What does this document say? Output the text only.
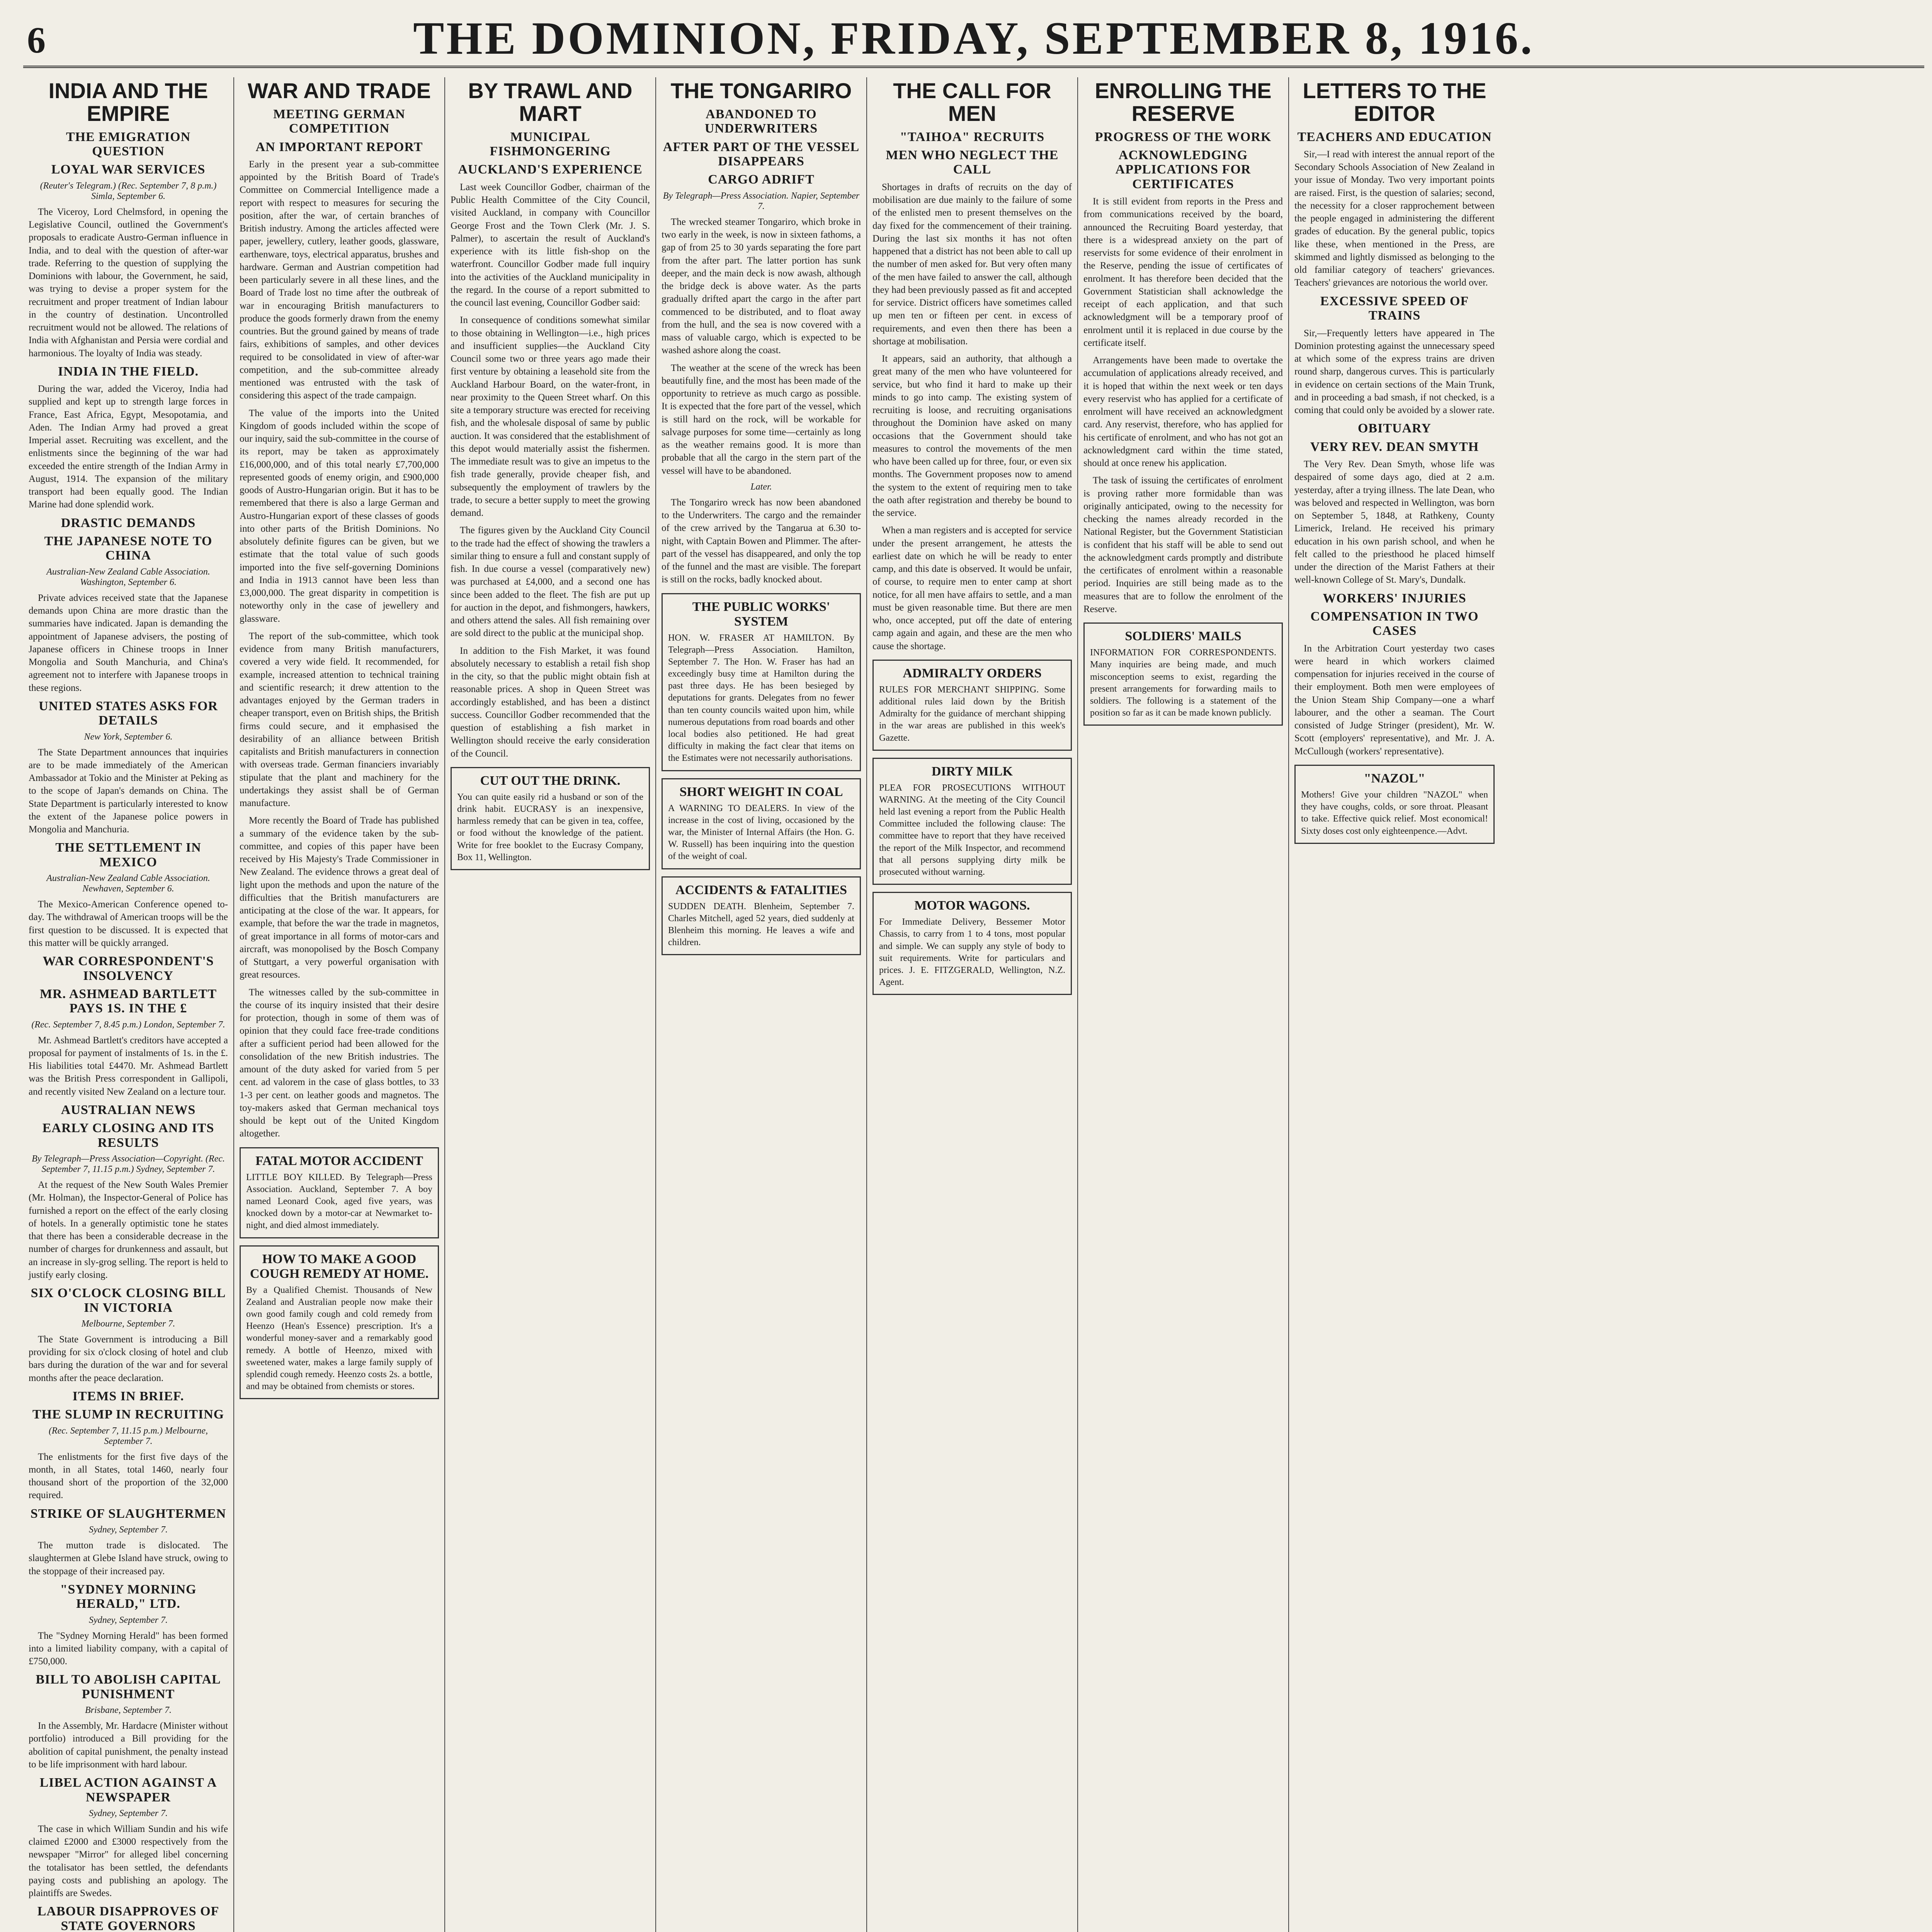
6	THE DOMINION, FRIDAY, SEPTEMBER 8, 1916.
INDIA AND THE EMPIRE
THE EMIGRATION QUESTION
LOYAL WAR SERVICES
(Reuter's Telegram.) (Rec. September 7, 8 p.m.) Simla, September 6.

The Viceroy, Lord Chelmsford, in opening the Legislative Council, outlined the Government's proposals to eradicate Austro-German influence in India, and to deal with the question of after-war trade. Referring to the question of supplying the Dominions with labour, the Government, he said, was trying to devise a proper system for the recruitment and proper treatment of Indian labour in the country of destination. Uncontrolled recruitment would not be allowed. The relations of India with Afghanistan and Persia were cordial and harmonious. The loyalty of India was steady.

INDIA IN THE FIELD.

During the war, added the Viceroy, India had supplied and kept up to strength large forces in France, East Africa, Egypt, Mesopotamia, and Aden. The Indian Army had proved a great Imperial asset. Recruiting was excellent, and the enlistments since the beginning of the war had exceeded the entire strength of the Indian Army in August, 1914. The expansion of the military transport had been equally good. The Indian Marine had done splendid work.

DRASTIC DEMANDS
THE JAPANESE NOTE TO CHINA
Australian-New Zealand Cable Association. Washington, September 6.

Private advices received state that the Japanese demands upon China are more drastic than the summaries have indicated. Japan is demanding the appointment of Japanese advisers, the posting of Japanese officers in Chinese troops in Inner Mongolia and South Manchuria, and China's agreement not to interfere with Japanese troops in these regions.

UNITED STATES ASKS FOR DETAILS
New York, September 6.

The State Department announces that inquiries are to be made immediately of the American Ambassador at Tokio and the Minister at Peking as to the scope of Japan's demands on China. The State Department is particularly interested to know the extent of the Japanese police powers in Mongolia and Manchuria.

THE SETTLEMENT IN MEXICO
Australian-New Zealand Cable Association. Newhaven, September 6.

The Mexico-American Conference opened to-day. The withdrawal of American troops will be the first question to be discussed. It is expected that this matter will be quickly arranged.

WAR CORRESPONDENT'S INSOLVENCY
MR. ASHMEAD BARTLETT PAYS 1S. IN THE £
(Rec. September 7, 8.45 p.m.) London, September 7.

Mr. Ashmead Bartlett's creditors have accepted a proposal for payment of instalments of 1s. in the £. His liabilities total £4470. Mr. Ashmead Bartlett was the British Press correspondent in Gallipoli, and recently visited New Zealand on a lecture tour.

AUSTRALIAN NEWS
EARLY CLOSING AND ITS RESULTS
By Telegraph—Press Association—Copyright. (Rec. September 7, 11.15 p.m.) Sydney, September 7.

At the request of the New South Wales Premier (Mr. Holman), the Inspector-General of Police has furnished a report on the effect of the early closing of hotels. In a generally optimistic tone he states that there has been a considerable decrease in the number of charges for drunkenness and assault, but an increase in sly-grog selling. The report is held to justify early closing.

SIX O'CLOCK CLOSING BILL IN VICTORIA
Melbourne, September 7.

The State Government is introducing a Bill providing for six o'clock closing of hotel and club bars during the duration of the war and for several months after the peace declaration.

ITEMS IN BRIEF.
THE SLUMP IN RECRUITING
(Rec. September 7, 11.15 p.m.) Melbourne, September 7.

The enlistments for the first five days of the month, in all States, total 1460, nearly four thousand short of the proportion of the 32,000 required.

STRIKE OF SLAUGHTERMEN
Sydney, September 7.

The mutton trade is dislocated. The slaughtermen at Glebe Island have struck, owing to the stoppage of their increased pay.

"SYDNEY MORNING HERALD," LTD.
Sydney, September 7.

The "Sydney Morning Herald" has been formed into a limited liability company, with a capital of £750,000.

BILL TO ABOLISH CAPITAL PUNISHMENT
Brisbane, September 7.

In the Assembly, Mr. Hardacre (Minister without portfolio) introduced a Bill providing for the abolition of capital punishment, the penalty instead to be life imprisonment with hard labour.

LIBEL ACTION AGAINST A NEWSPAPER
Sydney, September 7.

The case in which William Sundin and his wife claimed £2000 and £3000 respectively from the newspaper "Mirror" for alleged libel concerning the totalisator has been settled, the defendants paying costs and publishing an apology. The plaintiffs are Swedes.

LABOUR DISAPPROVES OF STATE GOVERNORS

WAR AND TRADE
MEETING GERMAN COMPETITION
AN IMPORTANT REPORT

Early in the present year a sub-committee appointed by the British Board of Trade's Committee on Commercial Intelligence made a report with respect to measures for securing the position, after the war, of certain branches of British industry. Among the articles affected were paper, jewellery, cutlery, leather goods, glassware, earthenware, toys, electrical apparatus, brushes and hardware. German and Austrian competition had been particularly severe in all these lines, and the Board of Trade lost no time after the outbreak of war in encouraging British manufacturers to produce the goods formerly drawn from the enemy countries. But the ground gained by means of trade fairs, exhibitions of samples, and other devices required to be consolidated in view of after-war competition, and the sub-committee already mentioned was entrusted with the task of considering this aspect of the trade campaign.

The value of the imports into the United Kingdom of goods included within the scope of our inquiry, said the sub-committee in the course of its report, may be taken as approximately £16,000,000, and of this total nearly £7,700,000 represented goods of enemy origin, and £900,000 goods of Austro-Hungarian origin. But it has to be remembered that there is also a large German and Austro-Hungarian export of these classes of goods into other parts of the British Dominions. No absolutely definite figures can be given, but we estimate that the total value of such goods imported into the five self-governing Dominions and India in 1913 cannot have been less than £3,000,000. The great disparity in competition is noteworthy only in the case of jewellery and glassware.

The report of the sub-committee, which took evidence from many British manufacturers, covered a very wide field. It recommended, for example, increased attention to technical training and scientific research; it drew attention to the advantages enjoyed by the German traders in cheaper transport, even on British ships, the British firms could secure, and it emphasised the desirability of an alliance between British capitalists and British manufacturers in connection with overseas trade. German financiers invariably stipulate that the plant and machinery for the undertakings they assist shall be of German manufacture.

More recently the Board of Trade has published a summary of the evidence taken by the sub-committee, and copies of this paper have been received by His Majesty's Trade Commissioner in New Zealand. The evidence throws a great deal of light upon the methods and upon the nature of the difficulties that the British manufacturers are anticipating at the close of the war. It appears, for example, that before the war the trade in magnetos, of great importance in all forms of motor-cars and aircraft, was monopolised by the Bosch Company of Stuttgart, a very powerful organisation with great resources.

The witnesses called by the sub-committee in the course of its inquiry insisted that their desire for protection, though in some of them was of opinion that they could face free-trade conditions after a sufficient period had been allowed for the consolidation of the new British industries. The amount of the duty asked for varied from 5 per cent. ad valorem in the case of glass bottles, to 33 1-3 per cent. on leather goods and magnetos. The toy-makers asked that German mechanical toys should be kept out of the United Kingdom altogether.

FATAL MOTOR ACCIDENT
LITTLE BOY KILLED. By Telegraph—Press Association. Auckland, September 7. A boy named Leonard Cook, aged five years, was knocked down by a motor-car at Newmarket to-night, and died almost immediately.
HOW TO MAKE A GOOD COUGH REMEDY AT HOME.
By a Qualified Chemist. Thousands of New Zealand and Australian people now make their own good family cough and cold remedy from Heenzo (Hean's Essence) prescription. It's a wonderful money-saver and a remarkably good remedy. A bottle of Heenzo, mixed with sweetened water, makes a large family supply of splendid cough remedy. Heenzo costs 2s. a bottle, and may be obtained from chemists or stores.
BY TRAWL AND MART
MUNICIPAL FISHMONGERING
AUCKLAND'S EXPERIENCE

Last week Councillor Godber, chairman of the Public Health Committee of the City Council, visited Auckland, in company with Councillor George Frost and the Town Clerk (Mr. J. S. Palmer), to ascertain the result of Auckland's experience with its little fish-shop on the waterfront. Councillor Godber made full inquiry into the activities of the Auckland municipality in the regard. In the course of a report submitted to the council last evening, Councillor Godber said:

In consequence of conditions somewhat similar to those obtaining in Wellington—i.e., high prices and insufficient supplies—the Auckland City Council some two or three years ago made their first venture by obtaining a leasehold site from the Auckland Harbour Board, on the water-front, in near proximity to the Queen Street wharf. On this site a temporary structure was erected for receiving fish, and the wholesale disposal of same by public auction. It was considered that the establishment of this depot would materially assist the fishermen. The immediate result was to give an impetus to the fish trade generally, provide cheaper fish, and subsequently the employment of trawlers by the trade, to secure a better supply to meet the growing demand.

The figures given by the Auckland City Council to the trade had the effect of showing the trawlers a similar thing to ensure a full and constant supply of fish. In due course a vessel (comparatively new) was purchased at £4,000, and a second one has since been added to the fleet. The fish are put up for auction in the depot, and fishmongers, hawkers, and others attend the sales. All fish remaining over are sold direct to the public at the municipal shop.

In addition to the Fish Market, it was found absolutely necessary to establish a retail fish shop in the city, so that the public might obtain fish at reasonable prices. A shop in Queen Street was accordingly established, and has been a distinct success. Councillor Godber recommended that the question of establishing a fish market in Wellington should receive the early consideration of the Council.

CUT OUT THE DRINK.
You can quite easily rid a husband or son of the drink habit. EUCRASY is an inexpensive, harmless remedy that can be given in tea, coffee, or food without the knowledge of the patient. Write for free booklet to the Eucrasy Company, Box 11, Wellington.
THE TONGARIRO
ABANDONED TO UNDERWRITERS
AFTER PART OF THE VESSEL DISAPPEARS
CARGO ADRIFT
By Telegraph—Press Association. Napier, September 7.

The wrecked steamer Tongariro, which broke in two early in the week, is now in sixteen fathoms, a gap of from 25 to 30 yards separating the fore part from the after part. The latter portion has sunk deeper, and the main deck is now awash, although the bridge deck is above water. As the parts gradually drifted apart the cargo in the after part commenced to be distributed, and to float away from the hull, and the sea is now covered with a mass of valuable cargo, which is expected to be washed ashore along the coast.

The weather at the scene of the wreck has been beautifully fine, and the most has been made of the opportunity to retrieve as much cargo as possible. It is expected that the fore part of the vessel, which is still hard on the rock, will be workable for salvage purposes for some time—certainly as long as the weather remains good. It is more than probable that all the cargo in the stern part of the vessel will have to be abandoned.

Later.

The Tongariro wreck has now been abandoned to the Underwriters. The cargo and the remainder of the crew arrived by the Tangarua at 6.30 to-night, with Captain Bowen and Plimmer. The after-part of the vessel has disappeared, and only the top of the funnel and the mast are visible. The forepart is still on the rocks, badly knocked about.

THE PUBLIC WORKS' SYSTEM
HON. W. FRASER AT HAMILTON. By Telegraph—Press Association. Hamilton, September 7. The Hon. W. Fraser has had an exceedingly busy time at Hamilton during the past three days. He has been besieged by deputations for grants. Delegates from no fewer than ten county councils waited upon him, while numerous deputations from road boards and other local bodies also petitioned. He had great difficulty in making the fact clear that items on the Estimates were not necessarily authorisations.
SHORT WEIGHT IN COAL
A WARNING TO DEALERS. In view of the increase in the cost of living, occasioned by the war, the Minister of Internal Affairs (the Hon. G. W. Russell) has been inquiring into the question of the weight of coal.
ACCIDENTS & FATALITIES
SUDDEN DEATH. Blenheim, September 7. Charles Mitchell, aged 52 years, died suddenly at Blenheim this morning. He leaves a wife and children.
THE CALL FOR MEN
"TAIHOA" RECRUITS
MEN WHO NEGLECT THE CALL

Shortages in drafts of recruits on the day of mobilisation are due mainly to the failure of some of the enlisted men to present themselves on the day fixed for the commencement of their training. During the last six months it has not often happened that a district has not been able to call up the number of men asked for. But very often many of the men have failed to answer the call, although they had been previously passed as fit and accepted for service. District officers have sometimes called up men ten or fifteen per cent. in excess of requirements, and even then there has been a shortage at mobilisation.

It appears, said an authority, that although a great many of the men who have volunteered for service, but who find it hard to make up their minds to go into camp. The existing system of recruiting is loose, and recruiting organisations throughout the Dominion have asked on many occasions that the Government should take measures to control the movements of the men who have been called up for three, four, or even six months. The Government proposes now to amend the system to the extent of requiring men to take the oath after registration and thereby be bound to the service.

When a man registers and is accepted for service under the present arrangement, he attests the earliest date on which he will be ready to enter camp, and this date is observed. It would be unfair, of course, to require men to enter camp at short notice, for all men have affairs to settle, and a man must be given reasonable time. But there are men who, once accepted, put off the date of entering camp again and again, and these are the men who cause the shortage.

ADMIRALTY ORDERS
RULES FOR MERCHANT SHIPPING. Some additional rules laid down by the British Admiralty for the guidance of merchant shipping in the war areas are published in this week's Gazette.
DIRTY MILK
PLEA FOR PROSECUTIONS WITHOUT WARNING. At the meeting of the City Council held last evening a report from the Public Health Committee included the following clause: The committee have to report that they have received the report of the Milk Inspector, and recommend that all persons supplying dirty milk be prosecuted without warning.
MOTOR WAGONS.
For Immediate Delivery, Bessemer Motor Chassis, to carry from 1 to 4 tons, most popular and simple. We can supply any style of body to suit requirements. Write for particulars and prices. J. E. FITZGERALD, Wellington, N.Z. Agent.
ENROLLING THE RESERVE
PROGRESS OF THE WORK
ACKNOWLEDGING APPLICATIONS FOR CERTIFICATES

It is still evident from reports in the Press and from communications received by the board, announced the Recruiting Board yesterday, that there is a widespread anxiety on the part of reservists for some evidence of their enrolment in the Reserve, pending the issue of certificates of enrolment. It has therefore been decided that the Government Statistician shall acknowledge the receipt of each application, and that such acknowledgment will be a temporary proof of enrolment until it is replaced in due course by the certificate itself.

Arrangements have been made to overtake the accumulation of applications already received, and it is hoped that within the next week or ten days every reservist who has applied for a certificate of enrolment will have received an acknowledgment card. Any reservist, therefore, who has applied for his certificate of enrolment, and who has not got an acknowledgment card within the time stated, should at once renew his application.

The task of issuing the certificates of enrolment is proving rather more formidable than was originally anticipated, owing to the necessity for checking the names already recorded in the National Register, but the Government Statistician is confident that his staff will be able to send out the acknowledgment cards promptly and distribute the certificates of enrolment within a reasonable period. Inquiries are still being made as to the measures that are to follow the enrolment of the Reserve.

SOLDIERS' MAILS
INFORMATION FOR CORRESPONDENTS. Many inquiries are being made, and much misconception seems to exist, regarding the present arrangements for forwarding mails to soldiers. The following is a statement of the position so far as it can be made known publicly.
LETTERS TO THE EDITOR
TEACHERS AND EDUCATION

Sir,—I read with interest the annual report of the Secondary Schools Association of New Zealand in your issue of Monday. Two very important points are raised. First, is the question of salaries; second, the necessity for a closer rapprochement between the people engaged in administering the different grades of education. By the general public, topics like these, when mentioned in the Press, are skimmed and lightly dismissed as belonging to the old familiar category of teachers' grievances. Teachers' grievances are notorious the world over.

EXCESSIVE SPEED OF TRAINS

Sir,—Frequently letters have appeared in The Dominion protesting against the unnecessary speed at which some of the express trains are driven round sharp, dangerous curves. This is particularly in evidence on certain sections of the Main Trunk, and in proceeding a bad smash, if not checked, is a coming that could only be avoided by a slower rate.

OBITUARY
VERY REV. DEAN SMYTH

The Very Rev. Dean Smyth, whose life was despaired of some days ago, died at 2 a.m. yesterday, after a trying illness. The late Dean, who was beloved and respected in Wellington, was born on September 5, 1848, at Rathkeny, County Limerick, Ireland. He received his primary education in his own parish school, and when he felt called to the priesthood he placed himself under the direction of the Marist Fathers at their well-known College of St. Mary's, Dundalk.

WORKERS' INJURIES
COMPENSATION IN TWO CASES

In the Arbitration Court yesterday two cases were heard in which workers claimed compensation for injuries received in the course of their employment. Both men were employees of the Union Steam Ship Company—one a wharf labourer, and the other a seaman. The Court consisted of Judge Stringer (president), Mr. W. Scott (employers' representative), and Mr. J. A. McCullough (workers' representative).

"NAZOL"
Mothers! Give your children "NAZOL" when they have coughs, colds, or sore throat. Pleasant to take. Effective quick relief. Most economical! Sixty doses cost only eighteenpence.—Advt.
